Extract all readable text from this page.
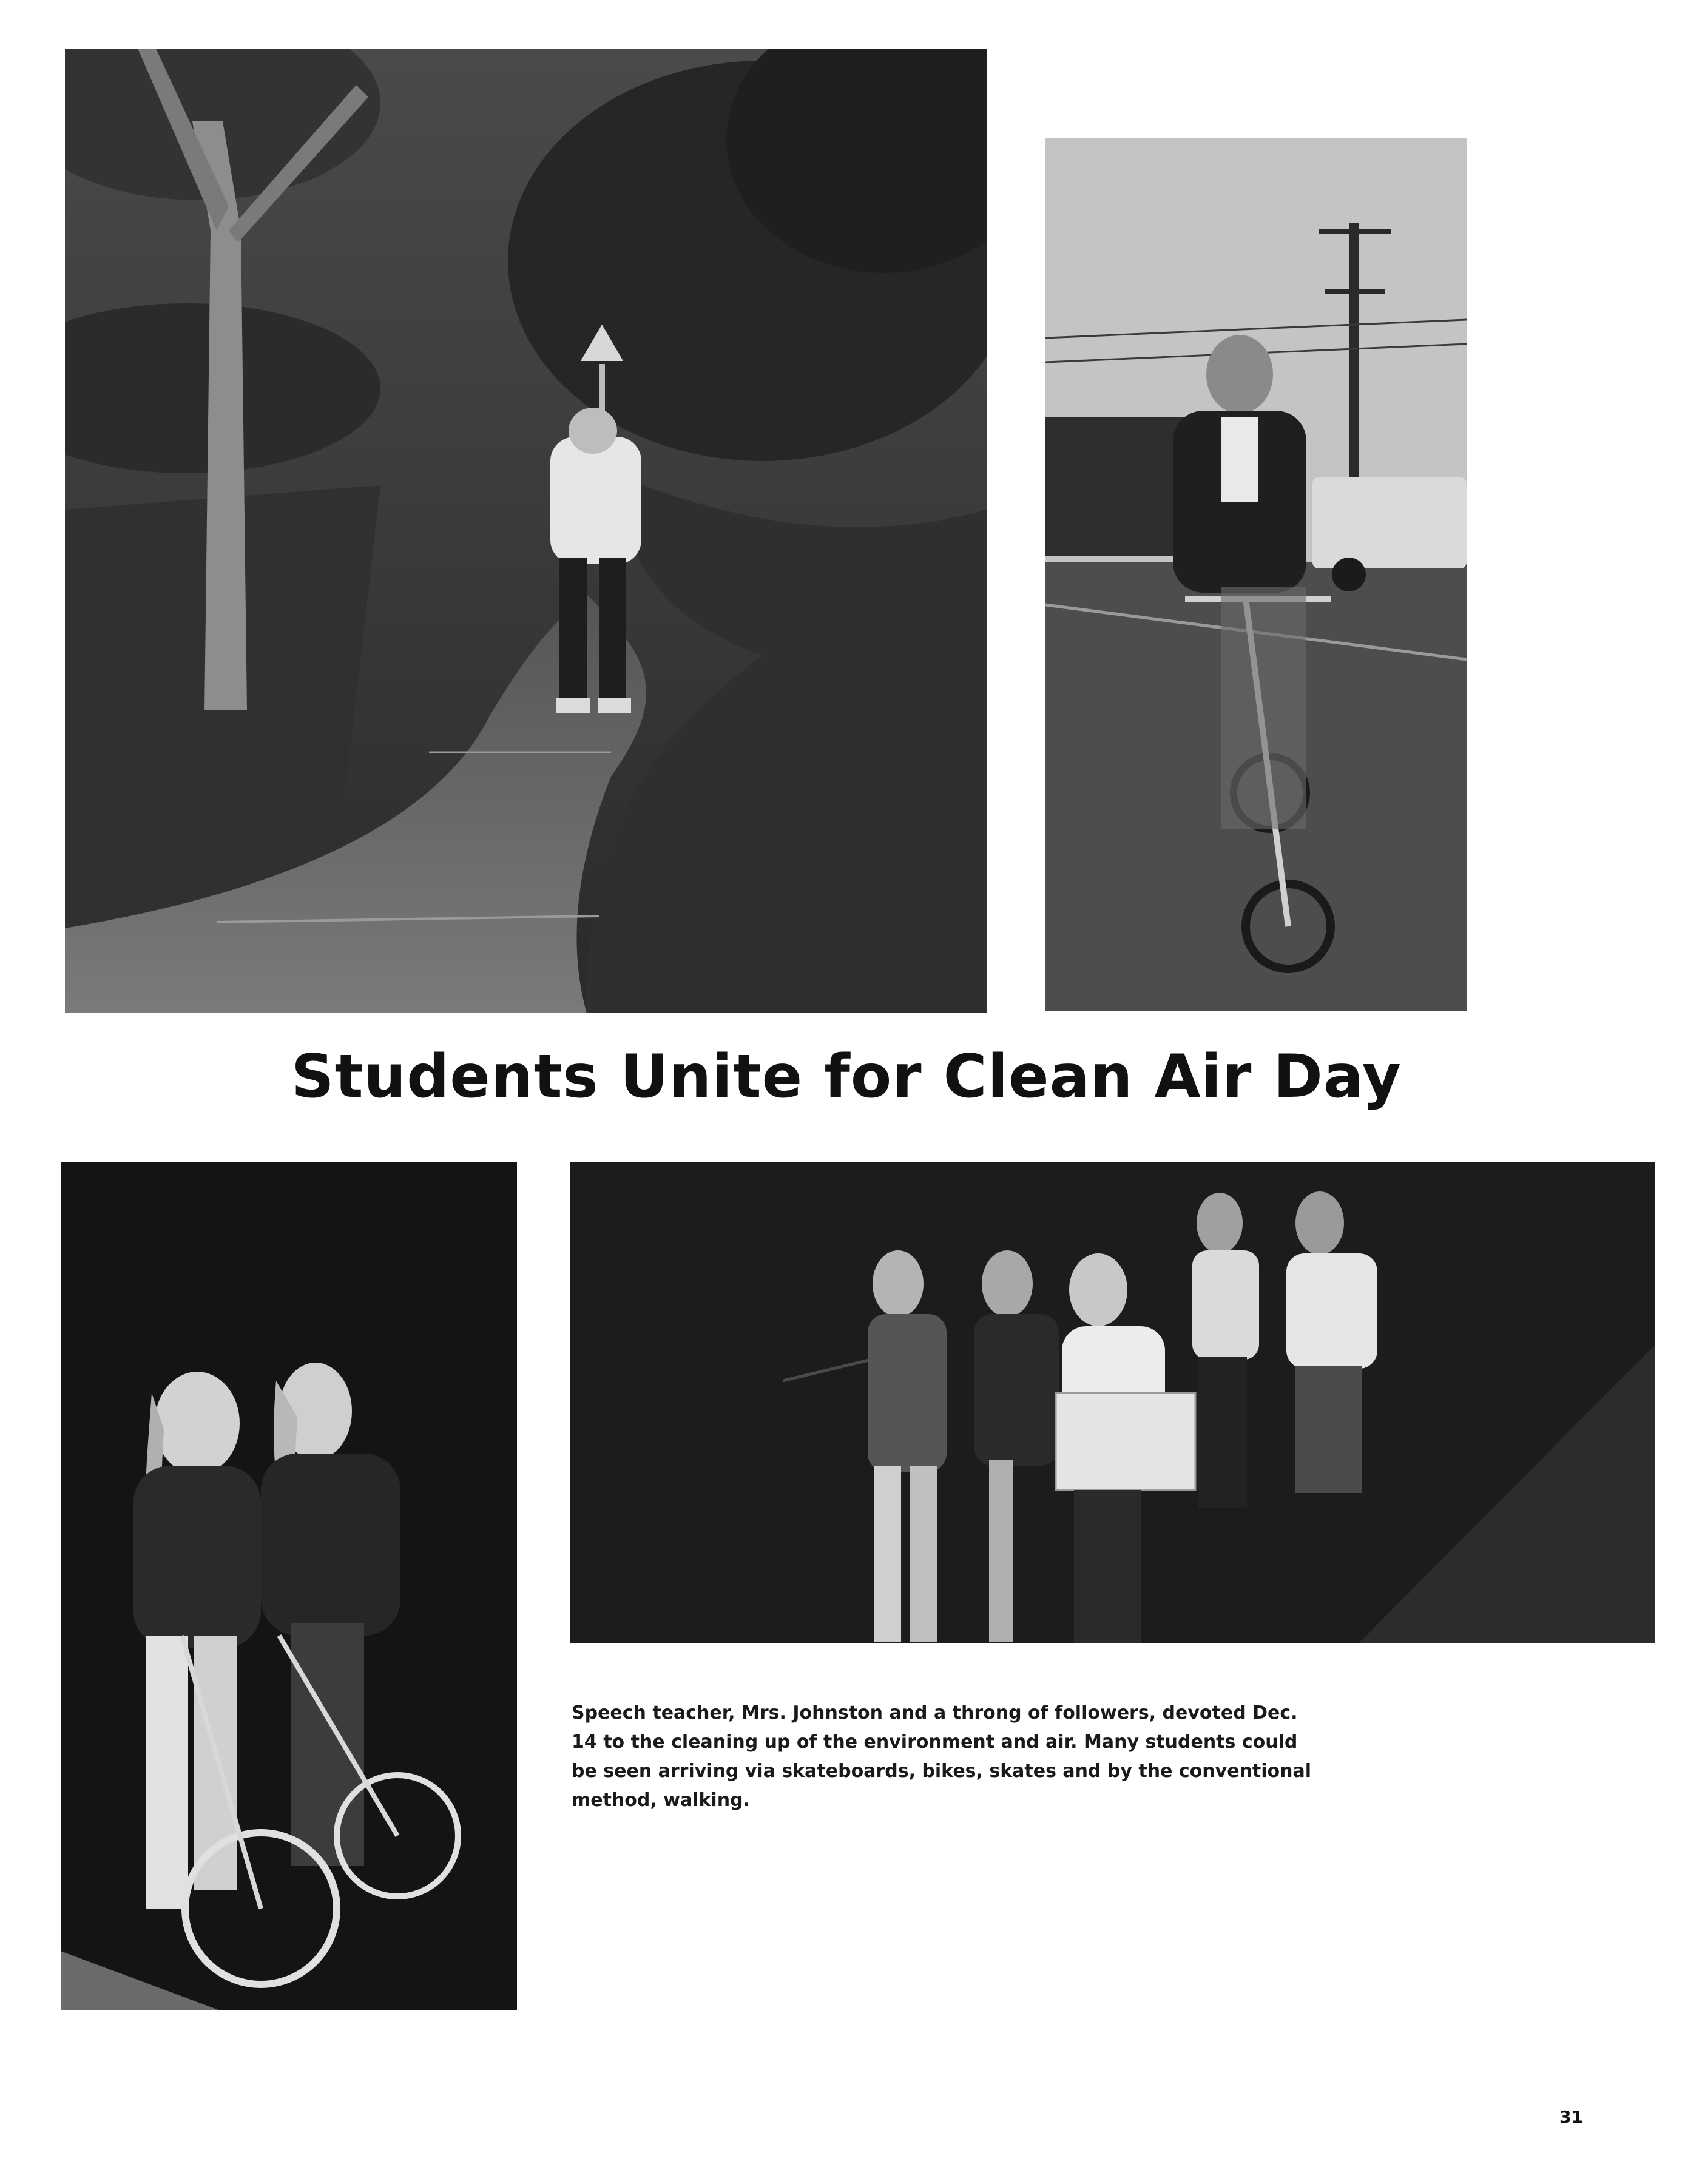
Students Unite for Clean Air Day

Speech teacher, Mrs. Johnston and a throng of followers, devoted Dec. 14 to the cleaning up of the environment and air. Many students could be seen arriving via skateboards, bikes, skates and by the conventional method, walking.

31
